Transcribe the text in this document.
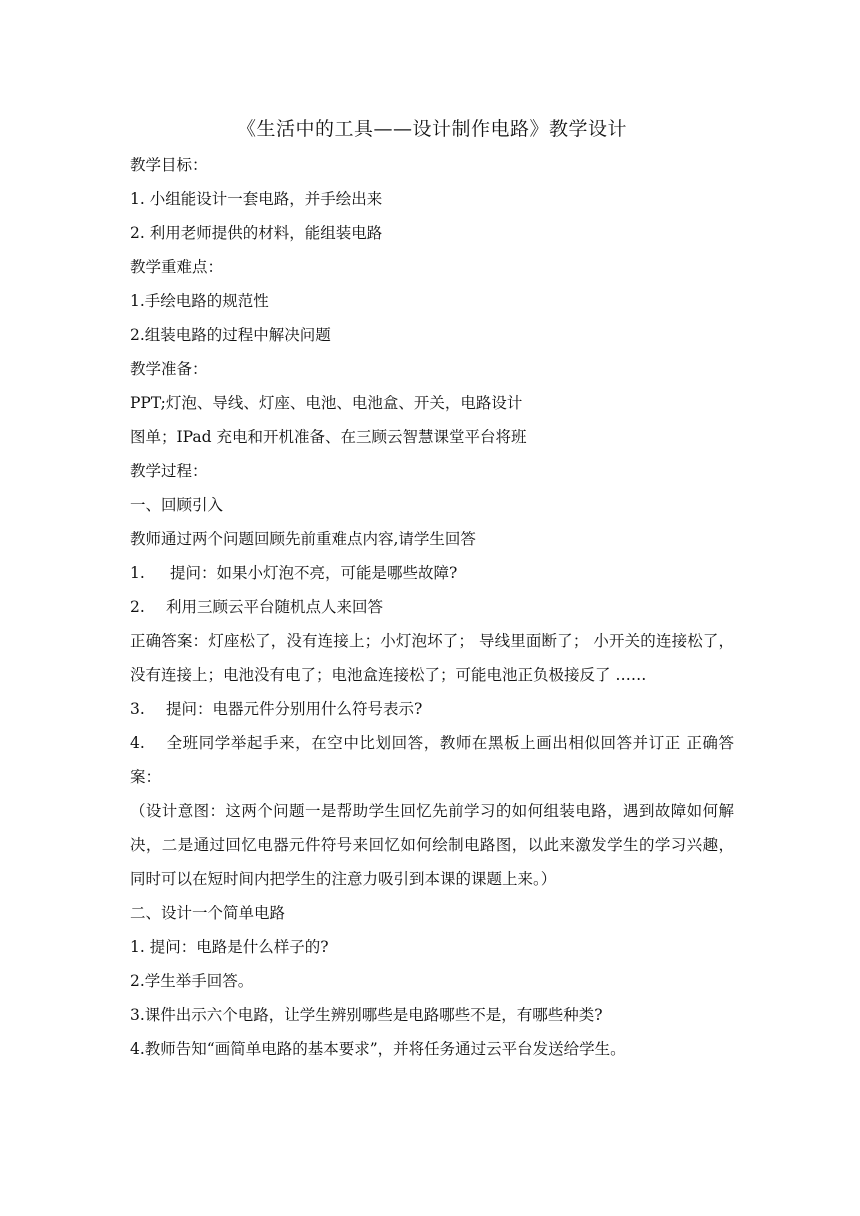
《生活中的工具——设计制作电路》教学设计

教学目标：

1. 小组能设计一套电路，并手绘出来

2. 利用老师提供的材料，能组装电路

教学重难点：

1.手绘电路的规范性

2.组装电路的过程中解决问题

教学准备：

PPT;灯泡、导线、灯座、电池、电池盒、开关，电路设计

图单；IPad 充电和开机准备、在三顾云智慧课堂平台将班

教学过程：

一、回顾引入

教师通过两个问题回顾先前重难点内容,请学生回答

1. 提问：如果小灯泡不亮，可能是哪些故障?

2. 利用三顾云平台随机点人来回答

正确答案：灯座松了，没有连接上；小灯泡坏了； 导线里面断了； 小开关的连接松了，没有连接上；电池没有电了；电池盒连接松了；可能电池正负极接反了 ……

3. 提问：电器元件分别用什么符号表示?

4. 全班同学举起手来，在空中比划回答，教师在黑板上画出相似回答并订正 正确答案：

（设计意图：这两个问题一是帮助学生回忆先前学习的如何组装电路，遇到故障如何解决，二是通过回忆电器元件符号来回忆如何绘制电路图，以此来激发学生的学习兴趣，同时可以在短时间内把学生的注意力吸引到本课的课题上来。）

二、设计一个简单电路

1. 提问：电路是什么样子的?

2.学生举手回答。

3.课件出示六个电路，让学生辨别哪些是电路哪些不是，有哪些种类?

4.教师告知“画简单电路的基本要求”，并将任务通过云平台发送给学生。
